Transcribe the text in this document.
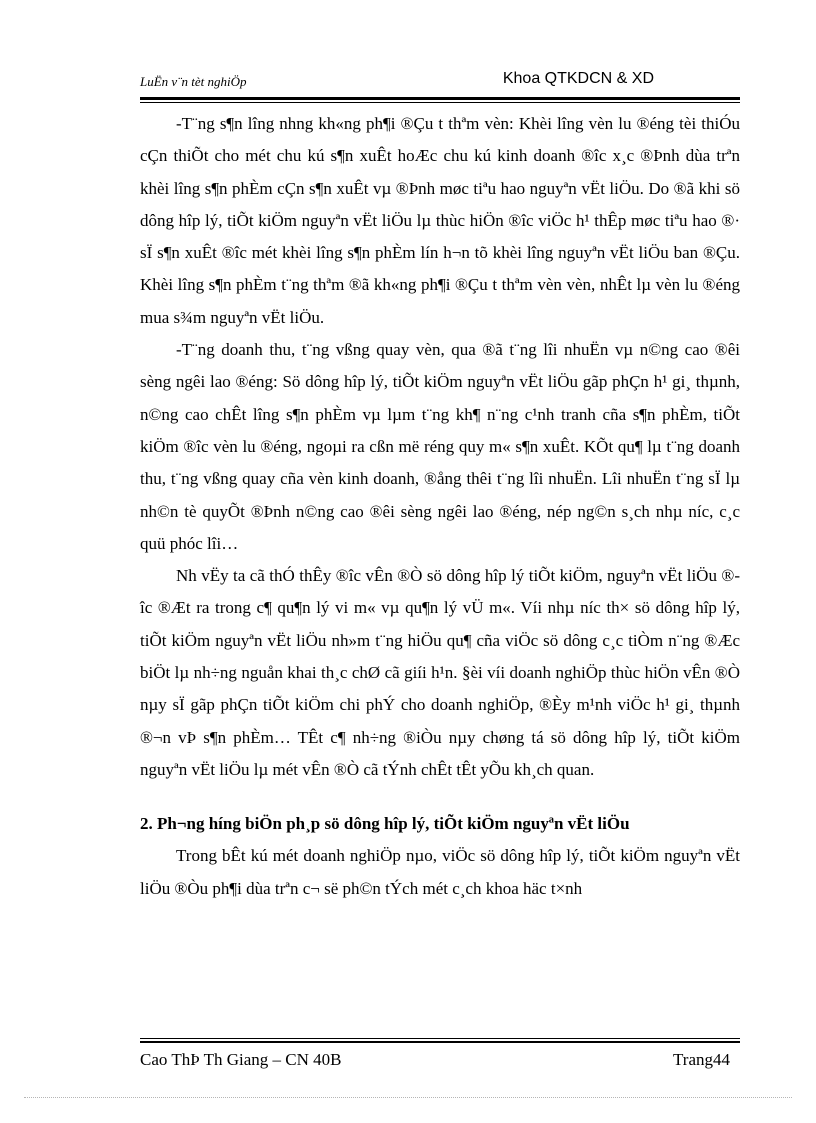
LuËn v¨n tèt nghiÖp	Khoa QTKDCN & XD

-T¨ng s¶n lîng nhng kh«ng ph¶i ®Çu t thªm vèn: Khèi lîng vèn lu ®éng tèi thiÓu cÇn thiÕt cho mét chu kú s¶n xuÊt hoÆc chu kú kinh doanh ®îc x¸c ®Þnh dùa trªn khèi lîng s¶n phÈm cÇn s¶n xuÊt vµ ®Þnh møc tiªu hao nguyªn vËt liÖu. Do ®ã khi sö dông hîp lý, tiÕt kiÖm nguyªn vËt liÖu lµ thùc hiÖn ®îc viÖc h¹ thÊp møc tiªu hao ®· sÏ s¶n xuÊt ®îc mét khèi lîng s¶n phÈm lín h¬n tõ khèi lîng nguyªn vËt liÖu ban ®Çu. Khèi lîng s¶n phÈm t¨ng thªm ®ã kh«ng ph¶i ®Çu t thªm vèn vèn, nhÊt lµ vèn lu ®éng mua s¾m nguyªn vËt liÖu.

-T¨ng doanh thu, t¨ng vßng quay vèn, qua ®ã t¨ng lîi nhuËn vµ n©ng cao ®êi sèng ngêi lao ®éng: Sö dông hîp lý, tiÕt kiÖm nguyªn vËt liÖu gãp phÇn h¹ gi¸ thµnh, n©ng cao chÊt lîng s¶n phÈm vµ lµm t¨ng kh¶ n¨ng c¹nh tranh cña s¶n phÈm, tiÕt kiÖm ®îc vèn lu ®éng, ngoµi ra cßn më réng quy m« s¶n xuÊt. KÕt qu¶ lµ t¨ng doanh thu, t¨ng vßng quay cña vèn kinh doanh, ®ång thêi t¨ng lîi nhuËn. Lîi nhuËn t¨ng sÏ lµ nh©n tè quyÕt ®Þnh n©ng cao ®êi sèng ngêi lao ®éng, nép ng©n s¸ch nhµ níc, c¸c quü phóc lîi…

Nh vËy ta cã thÓ thÊy ®îc vÊn ®Ò sö dông hîp lý tiÕt kiÖm, nguyªn vËt liÖu ®îc ®Æt ra trong c¶ qu¶n lý vi m« vµ qu¶n lý vÜ m«. Víi nhµ níc th× sö dông hîp lý, tiÕt kiÖm nguyªn vËt liÖu nh»m t¨ng hiÖu qu¶ cña viÖc sö dông c¸c tiÒm n¨ng ®Æc biÖt lµ nh÷ng nguån khai th¸c chØ cã giíi h¹n. §èi víi doanh nghiÖp thùc hiÖn vÊn ®Ò nµy sÏ gãp phÇn tiÕt kiÖm chi phÝ cho doanh nghiÖp, ®Èy m¹nh viÖc h¹ gi¸ thµnh ®¬n vÞ s¶n phÈm… TÊt c¶ nh÷ng ®iÒu nµy chøng tá sö dông hîp lý, tiÕt kiÖm nguyªn vËt liÖu lµ mét vÊn ®Ò cã tÝnh chÊt tÊt yÕu kh¸ch quan.

2. Ph¬ng híng biÖn ph¸p sö dông hîp lý, tiÕt kiÖm nguyªn vËt liÖu

Trong bÊt kú mét doanh nghiÖp nµo, viÖc sö dông hîp lý, tiÕt kiÖm nguyªn vËt liÖu ®Òu ph¶i dùa trªn c¬ së ph©n tÝch mét c¸ch khoa häc t×nh

Cao ThÞ Th Giang – CN 40B	Trang44
